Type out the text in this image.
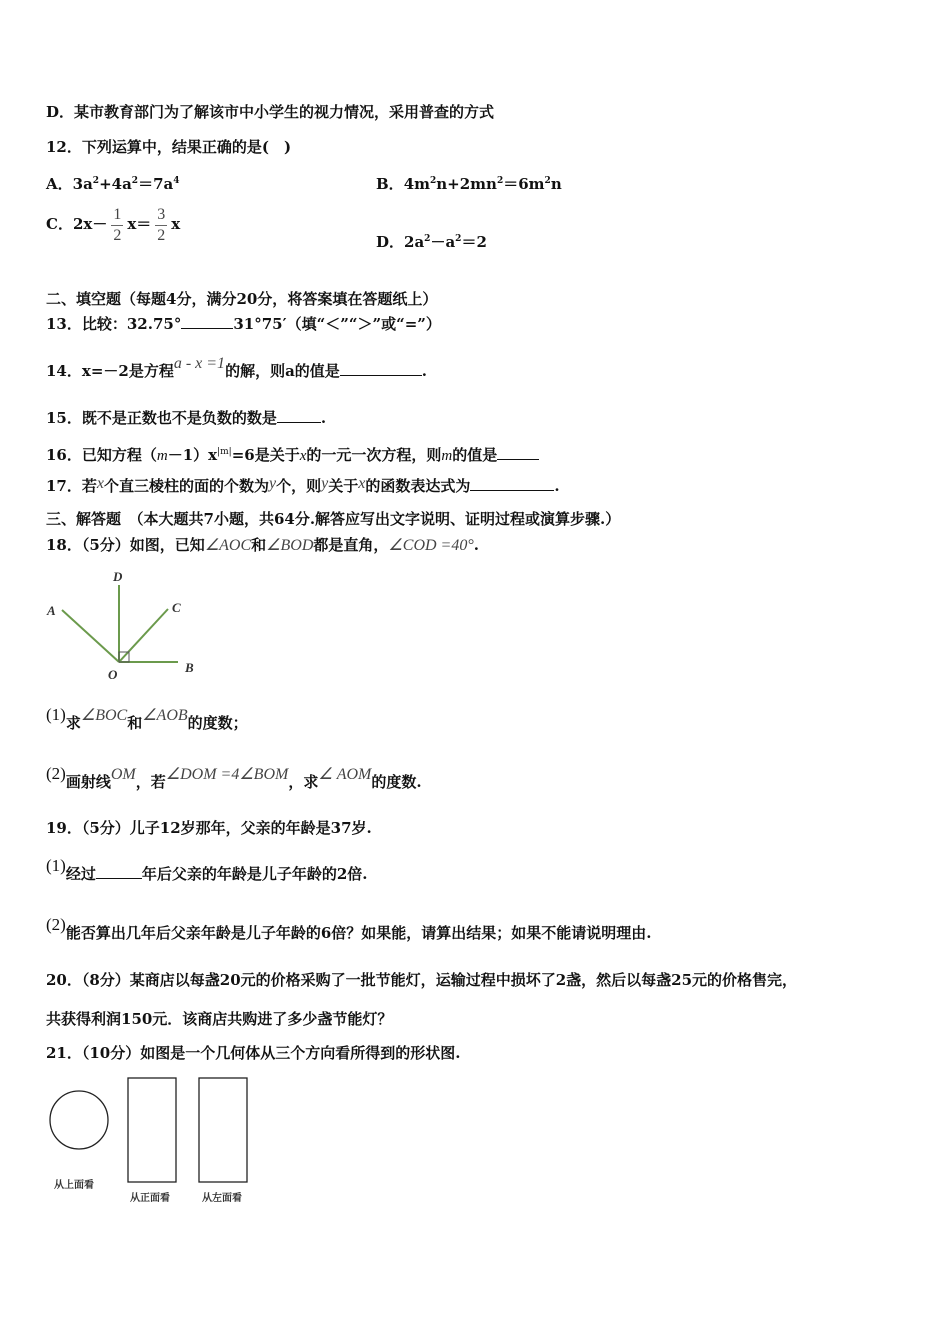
D．某市教育部门为了解该市中小学生的视力情况，采用普查的方式
12．下列运算中，结果正确的是(　)
A．$3a^2+4a^2=7a^4$	B．$4m^2n+2mn^2=6m^2n$
C．$2x- \frac{1}{2} x= \frac{3}{2}$ x
D．$2a^2-a^2=2$
二、填空题（每题4分，满分20分，将答案填在答题纸上）
13．比较：32.75°	31°75′（填“＜”“＞”或“=”）
14．x=－2是方程a - x =1的解，则a的值是	.
15．既不是正数也不是负数的数是	.
16．已知方程$(m-1)x^{|m|}=6$是关于x的一元一次方程，则m的值是
17．若x个直三棱柱的面的个数为y个，则y关于x的函数表达式为	.
三、解答题　（本大题共7小题，共64分.解答应写出文字说明、证明过程或演算步骤.）
18．（5分）如图，已知∠AOC和∠BOD都是直角，∠COD =40°.
D
A	C
O	B
(1)求∠BOC和∠AOB的度数；
(2)画射线OM，若∠DOM =4∠BOM，求∠ AOM的度数.
19．（5分）儿子12岁那年，父亲的年龄是37岁.
(1)经过	年后父亲的年龄是儿子年龄的2倍.
(2)能否算出几年后父亲年龄是儿子年龄的6倍？如果能，请算出结果；如果不能请说明理由.
20．（8分）某商店以每盏20元的价格采购了一批节能灯，运输过程中损坏了2盏，然后以每盏25元的价格售完，
共获得利润150元．该商店共购进了多少盏节能灯？
21．（10分）如图是一个几何体从三个方向看所得到的形状图.
从上面看
从正面看	从左面看
